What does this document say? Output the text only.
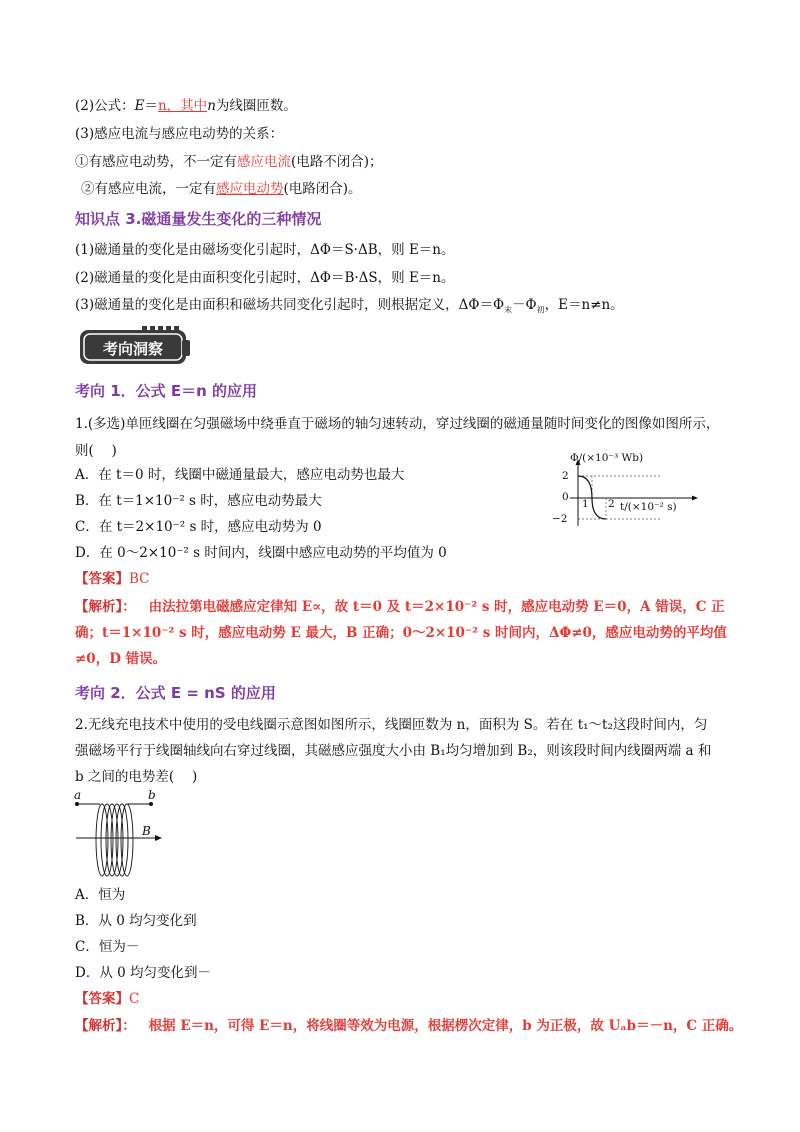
(2)公式：E＝n，其中n为线圈匝数。
(3)感应电流与感应电动势的关系：
①有感应电动势，不一定有感应电流(电路不闭合)；
②有感应电流，一定有感应电动势(电路闭合)。
知识点 3.磁通量发生变化的三种情况
(1)磁通量的变化是由磁场变化引起时，ΔΦ＝S·ΔB，则 E＝n。
(2)磁通量的变化是由面积变化引起时，ΔΦ＝B·ΔS，则 E＝n。
(3)磁通量的变化是由面积和磁场共同变化引起时，则根据定义，$\Delta\Phi=\Phi_末-\Phi_初$，E＝n≠n。
考向洞察
考向 1．公式 E＝n 的应用
1.(多选)单匝线圈在匀强磁场中绕垂直于磁场的轴匀速转动，穿过线圈的磁通量随时间变化的图像如图所示，
则(　 )
A．在 t＝0 时，线圈中磁通量最大，感应电动势也最大
B．在 t＝1×10⁻² s 时，感应电动势最大
C．在 t＝2×10⁻² s 时，感应电动势为 0
D．在 0～2×10⁻² s 时间内，线圈中感应电动势的平均值为 0
Φ/(×10⁻³ Wb)
2
0
−2
1 2 t/(×10⁻² s)
【答案】BC
【解析】： 由法拉第电磁感应定律知 E∝，故 t＝0 及 t＝2×10⁻² s 时，感应电动势 E＝0，A 错误，C 正
确；t＝1×10⁻² s 时，感应电动势 E 最大，B 正确；0～2×10⁻² s 时间内，ΔΦ≠0，感应电动势的平均值
≠0，D 错误。
考向 2．公式 E = nS 的应用
2.无线充电技术中使用的受电线圈示意图如图所示，线圈匝数为 n，面积为 S。若在 t₁～t₂这段时间内，匀
强磁场平行于线圈轴线向右穿过线圈，其磁感应强度大小由 B₁均匀增加到 B₂，则该段时间内线圈两端 a 和
b 之间的电势差(　 )
a	b
B
A．恒为
B．从 0 均匀变化到
C．恒为－
D．从 0 均匀变化到－
【答案】C
【解析】： 根据 E＝n，可得 E＝n，将线圈等效为电源，根据楞次定律，b 为正极，故 Uₐb＝－n，C 正确。
